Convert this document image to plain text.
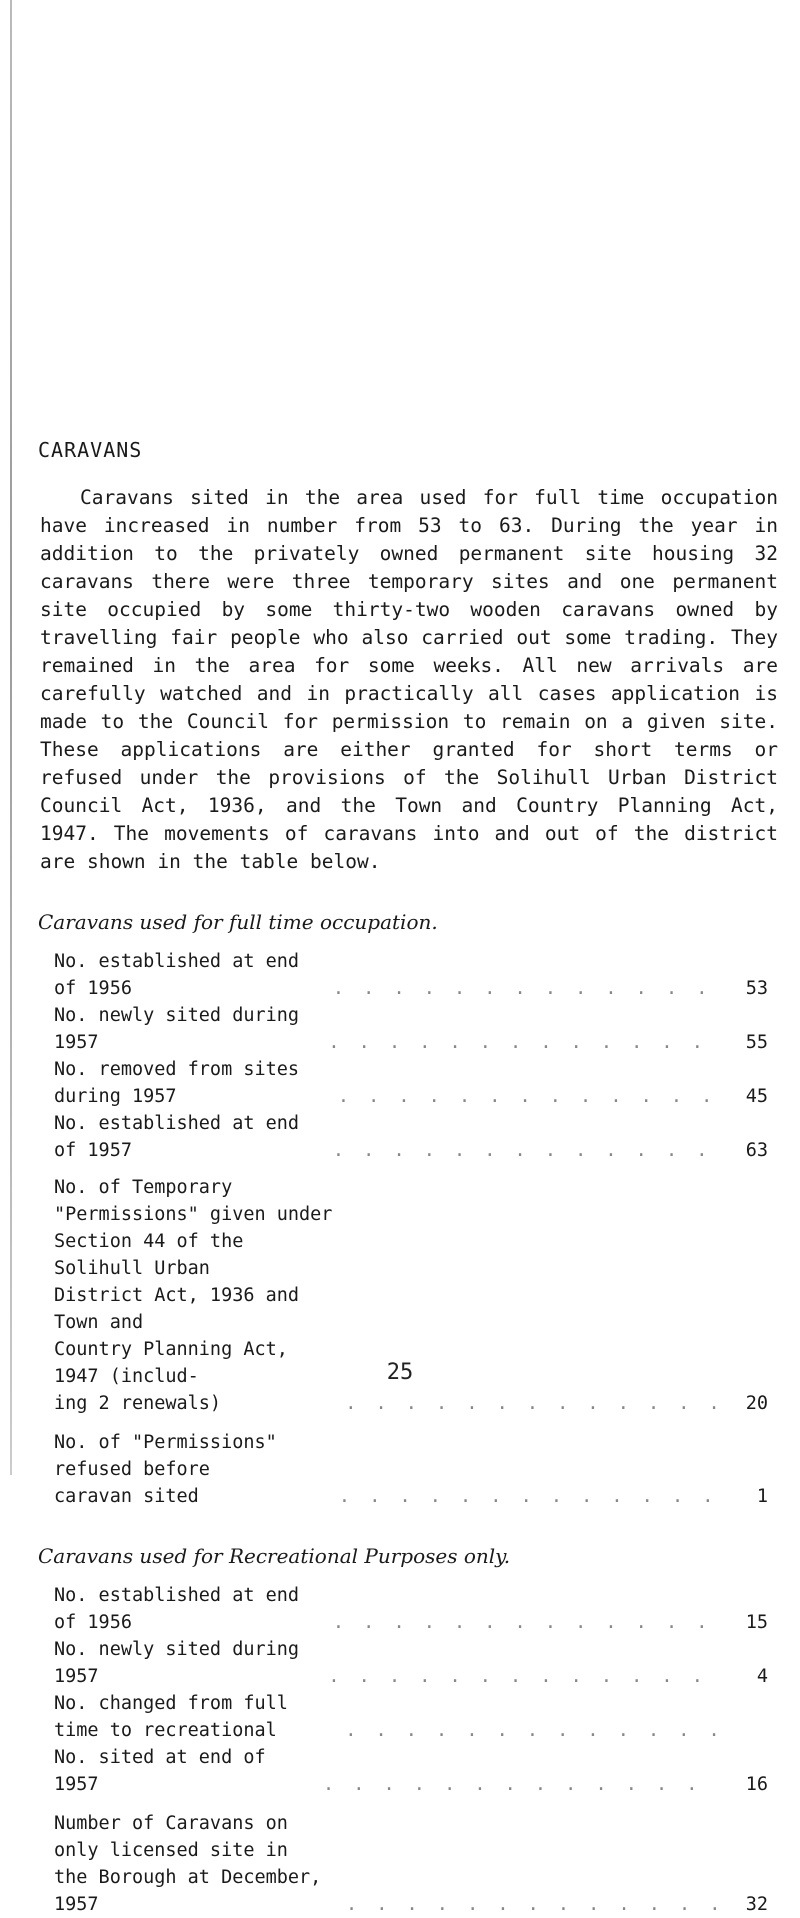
CARAVANS

Caravans sited in the area used for full time occupation have increased in number from 53 to 63. During the year in addition to the privately owned permanent site housing 32 caravans there were three temporary sites and one permanent site occupied by some thirty-two wooden caravans owned by travelling fair people who also carried out some trading. They remained in the area for some weeks. All new arrivals are carefully watched and in practically all cases application is made to the Council for permission to remain on a given site. These applications are either granted for short terms or refused under the provisions of the Solihull Urban District Council Act, 1936, and the Town and Country Planning Act, 1947. The movements of caravans into and out of the district are shown in the table below.

Caravans used for full time occupation.
No. established at end of 1956	. . . . . . . . . . . . .	53
No. newly sited during 1957	. . . . . . . . . . . . .	55
No. removed from sites during 1957	. . . . . . . . . . . . .	45
No. established at end of 1957	. . . . . . . . . . . . .	63
No. of Temporary "Permissions" given under
Section 44 of the Solihull Urban
District Act, 1936 and Town and
Country Planning Act, 1947 (includ-
ing 2 renewals)	. . . . . . . . . . . . .	20
No. of "Permissions" refused before
caravan sited	. . . . . . . . . . . . .	1
Caravans used for Recreational Purposes only.
No. established at end of 1956	. . . . . . . . . . . . .	15
No. newly sited during 1957	. . . . . . . . . . . . .	4
No. changed from full time to recreational	. . . . . . . . . . . . .
No. sited at end of 1957	. . . . . . . . . . . . .	16
Number of Caravans on only licensed site in
the Borough at December, 1957	. . . . . . . . . . . . .	32
25
